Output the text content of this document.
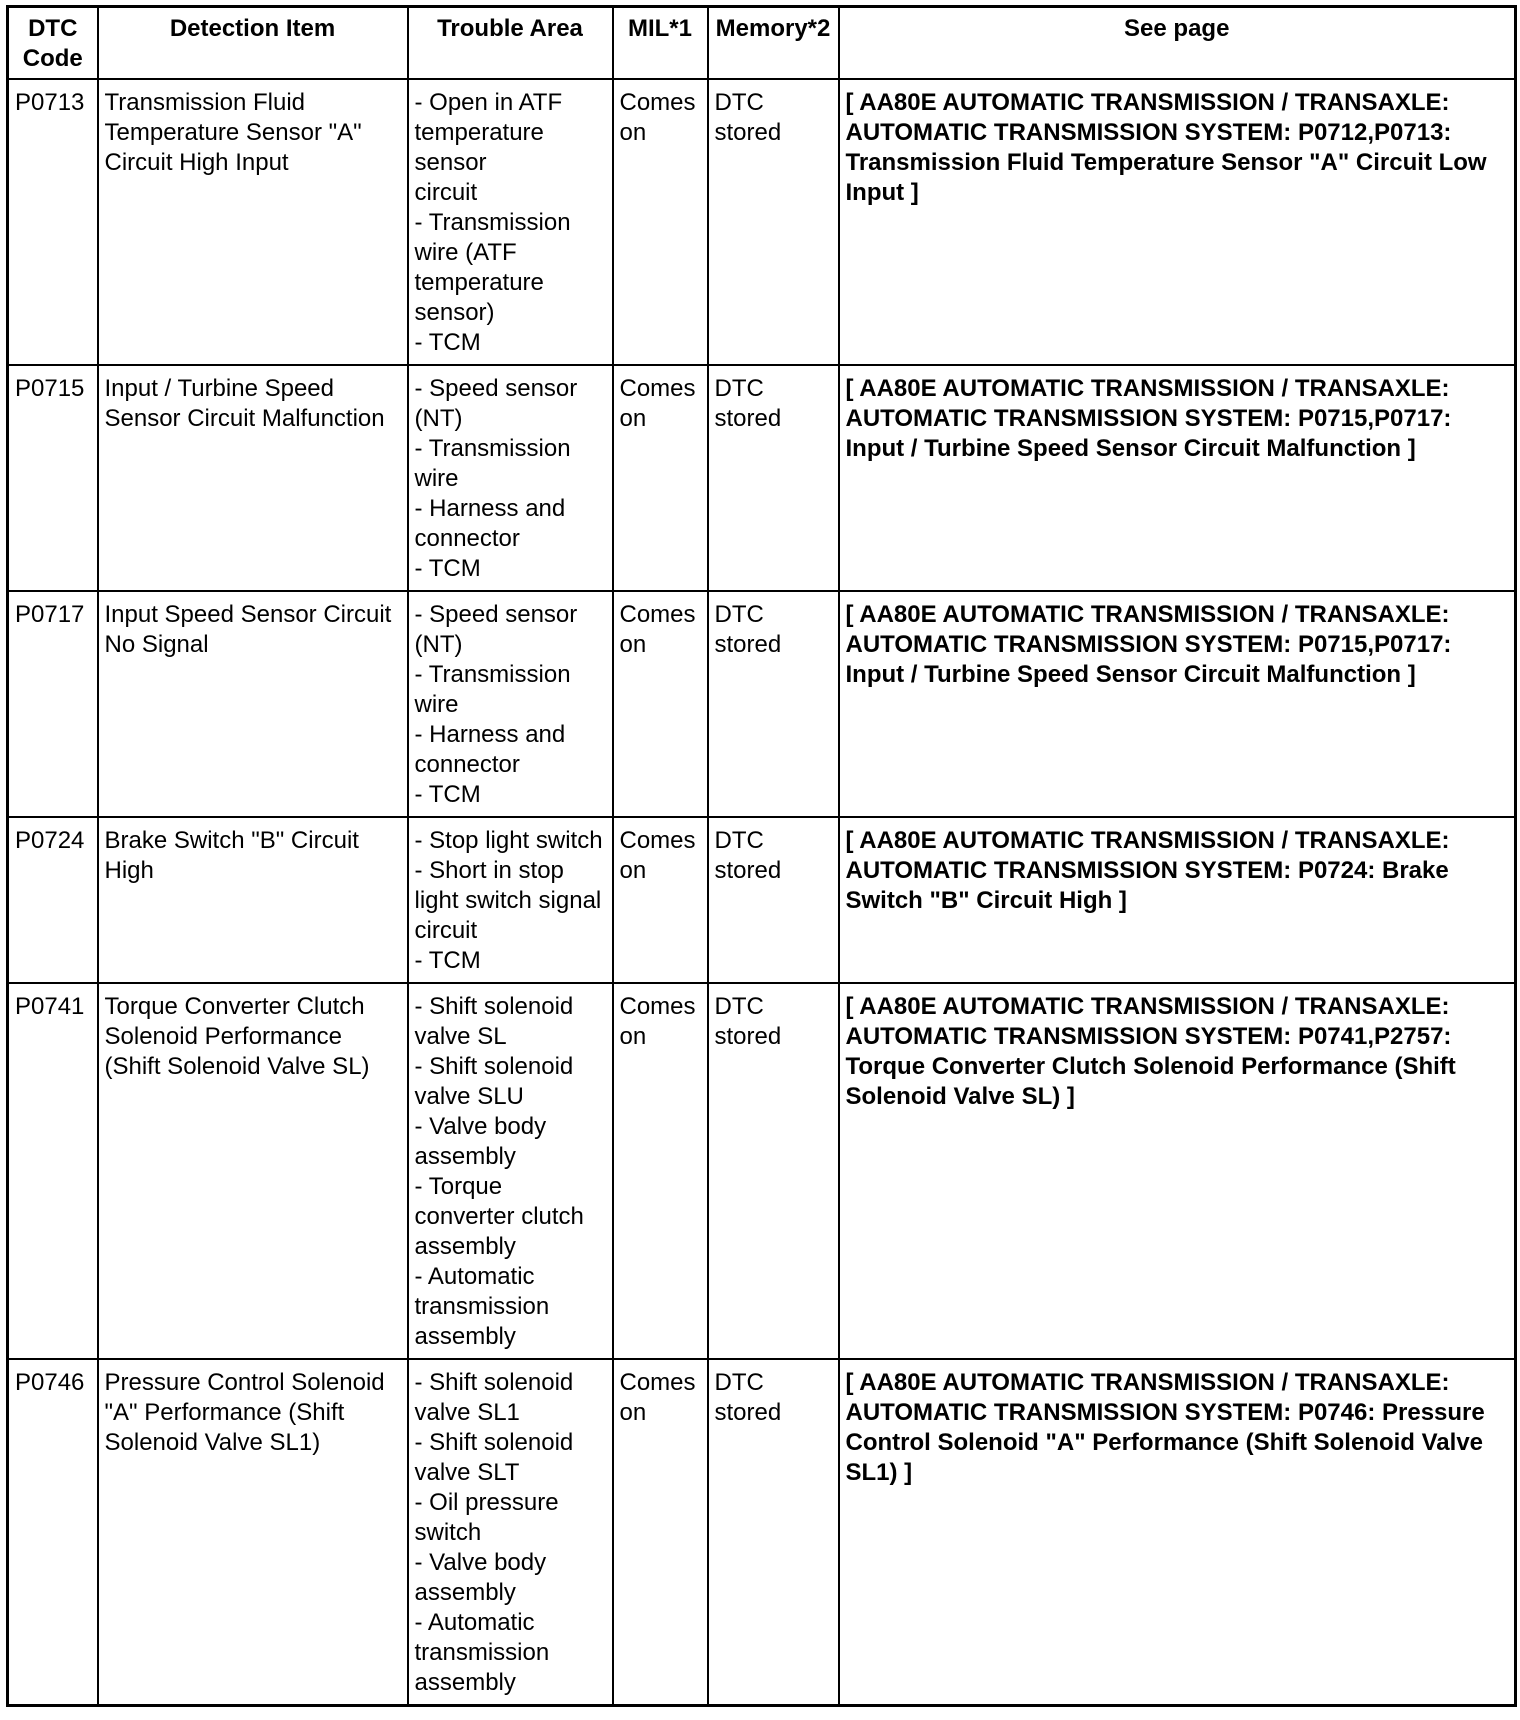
DTC Code	Detection Item	Trouble Area	MIL*1	Memory*2	See page
P0713	Transmission Fluid Temperature Sensor "A" Circuit High Input	- Open in ATF temperature sensor
circuit
- Transmission wire (ATF temperature sensor)
- TCM	Comes on	DTC stored	[ AA80E AUTOMATIC TRANSMISSION / TRANSAXLE: AUTOMATIC TRANSMISSION SYSTEM: P0712,P0713: Transmission Fluid Temperature Sensor "A" Circuit Low Input ]
P0715	Input / Turbine Speed Sensor Circuit Malfunction	- Speed sensor (NT)
- Transmission wire
- Harness and connector
- TCM	Comes on	DTC stored	[ AA80E AUTOMATIC TRANSMISSION / TRANSAXLE: AUTOMATIC TRANSMISSION SYSTEM: P0715,P0717: Input / Turbine Speed Sensor Circuit Malfunction ]
P0717	Input Speed Sensor Circuit No Signal	- Speed sensor (NT)
- Transmission wire
- Harness and connector
- TCM	Comes on	DTC stored	[ AA80E AUTOMATIC TRANSMISSION / TRANSAXLE: AUTOMATIC TRANSMISSION SYSTEM: P0715,P0717: Input / Turbine Speed Sensor Circuit Malfunction ]
P0724	Brake Switch "B" Circuit High	- Stop light switch
- Short in stop light switch signal circuit
- TCM	Comes on	DTC stored	[ AA80E AUTOMATIC TRANSMISSION / TRANSAXLE: AUTOMATIC TRANSMISSION SYSTEM: P0724: Brake Switch "B" Circuit High ]
P0741	Torque Converter Clutch Solenoid Performance (Shift Solenoid Valve SL)	- Shift solenoid valve SL
- Shift solenoid valve SLU
- Valve body assembly
- Torque converter clutch assembly
- Automatic transmission assembly	Comes on	DTC stored	[ AA80E AUTOMATIC TRANSMISSION / TRANSAXLE: AUTOMATIC TRANSMISSION SYSTEM: P0741,P2757: Torque Converter Clutch Solenoid Performance (Shift Solenoid Valve SL) ]
P0746	Pressure Control Solenoid "A" Performance (Shift Solenoid Valve SL1)	- Shift solenoid valve SL1
- Shift solenoid valve SLT
- Oil pressure switch
- Valve body assembly
- Automatic transmission assembly	Comes on	DTC stored	[ AA80E AUTOMATIC TRANSMISSION / TRANSAXLE: AUTOMATIC TRANSMISSION SYSTEM: P0746: Pressure Control Solenoid "A" Performance (Shift Solenoid Valve SL1) ]
